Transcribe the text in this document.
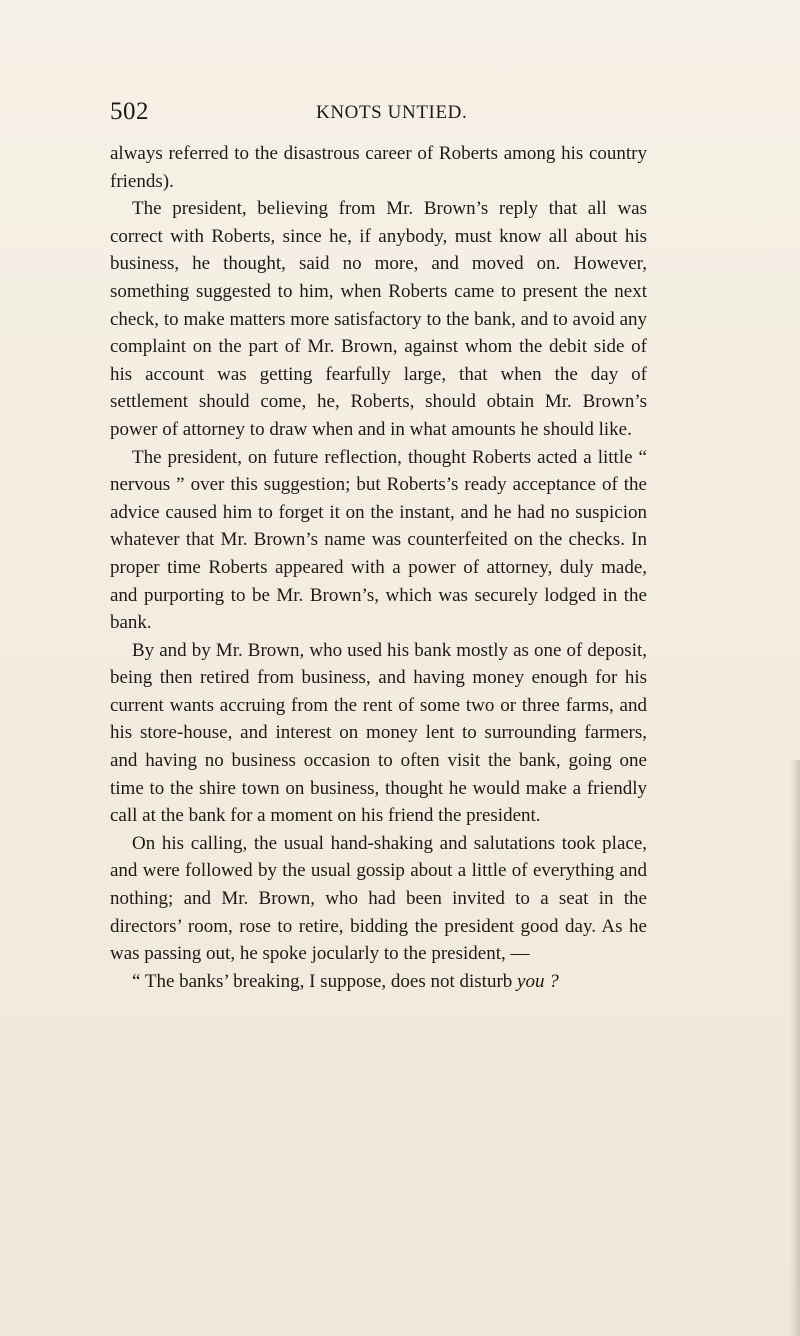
502	KNOTS UNTIED.

always referred to the disastrous career of Roberts among his country friends).

The president, believing from Mr. Brown’s reply that all was correct with Roberts, since he, if anybody, must know all about his business, he thought, said no more, and moved on. However, something suggested to him, when Roberts came to present the next check, to make matters more satisfactory to the bank, and to avoid any complaint on the part of Mr. Brown, against whom the debit side of his account was getting fearfully large, that when the day of settlement should come, he, Roberts, should obtain Mr. Brown’s power of attorney to draw when and in what amounts he should like.

The president, on future reflection, thought Roberts acted a little “ nervous ” over this suggestion; but Roberts’s ready acceptance of the advice caused him to forget it on the instant, and he had no suspicion whatever that Mr. Brown’s name was counterfeited on the checks. In proper time Roberts appeared with a power of attorney, duly made, and purporting to be Mr. Brown’s, which was securely lodged in the bank.

By and by Mr. Brown, who used his bank mostly as one of deposit, being then retired from business, and having money enough for his current wants accruing from the rent of some two or three farms, and his store-house, and interest on money lent to surrounding farmers, and having no business occasion to often visit the bank, going one time to the shire town on business, thought he would make a friendly call at the bank for a moment on his friend the president.

On his calling, the usual hand-shaking and salutations took place, and were followed by the usual gossip about a little of everything and nothing; and Mr. Brown, who had been invited to a seat in the directors’ room, rose to retire, bidding the president good day. As he was passing out, he spoke jocularly to the president, —

“ The banks’ breaking, I suppose, does not disturb you ?
